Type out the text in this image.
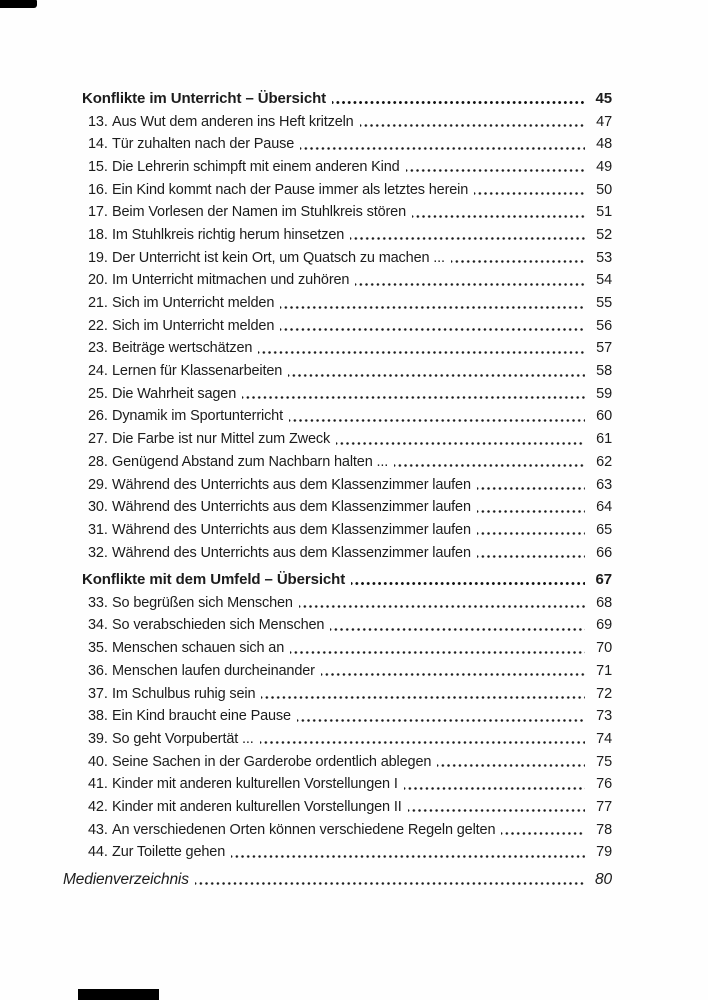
Konflikte im Unterricht – Übersicht	45
13. Aus Wut dem anderen ins Heft kritzeln	47
14. Tür zuhalten nach der Pause	48
15. Die Lehrerin schimpft mit einem anderen Kind	49
16. Ein Kind kommt nach der Pause immer als letztes herein	50
17. Beim Vorlesen der Namen im Stuhlkreis stören	51
18. Im Stuhlkreis richtig herum hinsetzen	52
19. Der Unterricht ist kein Ort, um Quatsch zu machen ...	53
20. Im Unterricht mitmachen und zuhören	54
21. Sich im Unterricht melden	55
22. Sich im Unterricht melden	56
23. Beiträge wertschätzen	57
24. Lernen für Klassenarbeiten	58
25. Die Wahrheit sagen	59
26. Dynamik im Sportunterricht	60
27. Die Farbe ist nur Mittel zum Zweck	61
28. Genügend Abstand zum Nachbarn halten ...	62
29. Während des Unterrichts aus dem Klassenzimmer laufen	63
30. Während des Unterrichts aus dem Klassenzimmer laufen	64
31. Während des Unterrichts aus dem Klassenzimmer laufen	65
32. Während des Unterrichts aus dem Klassenzimmer laufen	66
Konflikte mit dem Umfeld – Übersicht	67
33. So begrüßen sich Menschen	68
34. So verabschieden sich Menschen	69
35. Menschen schauen sich an	70
36. Menschen laufen durcheinander	71
37. Im Schulbus ruhig sein	72
38. Ein Kind braucht eine Pause	73
39. So geht Vorpubertät ...	74
40. Seine Sachen in der Garderobe ordentlich ablegen	75
41. Kinder mit anderen kulturellen Vorstellungen I	76
42. Kinder mit anderen kulturellen Vorstellungen II	77
43. An verschiedenen Orten können verschiedene Regeln gelten	78
44. Zur Toilette gehen	79
Medienverzeichnis	80
